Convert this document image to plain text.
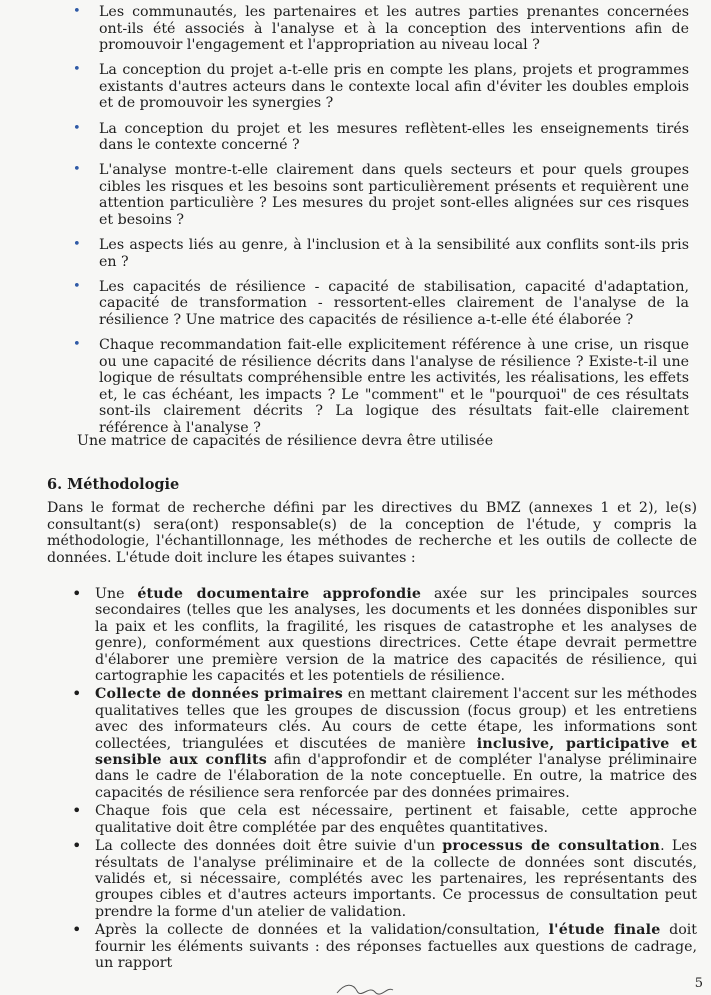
• Les communautés, les partenaires et les autres parties prenantes concernées ont-ils été associés à l'analyse et à la conception des interventions afin de promouvoir l'engagement et l'appropriation au niveau local ?
• La conception du projet a-t-elle pris en compte les plans, projets et programmes existants d'autres acteurs dans le contexte local afin d'éviter les doubles emplois et de promouvoir les synergies ?
• La conception du projet et les mesures reflètent-elles les enseignements tirés dans le contexte concerné ?
• L'analyse montre-t-elle clairement dans quels secteurs et pour quels groupes cibles les risques et les besoins sont particulièrement présents et requièrent une attention particulière ? Les mesures du projet sont-elles alignées sur ces risques et besoins ?
• Les aspects liés au genre, à l'inclusion et à la sensibilité aux conflits sont-ils pris en ?
• Les capacités de résilience - capacité de stabilisation, capacité d'adaptation, capacité de transformation - ressortent-elles clairement de l'analyse de la résilience ? Une matrice des capacités de résilience a-t-elle été élaborée ?
• Chaque recommandation fait-elle explicitement référence à une crise, un risque ou une capacité de résilience décrits dans l'analyse de résilience ? Existe-t-il une logique de résultats compréhensible entre les activités, les réalisations, les effets et, le cas échéant, les impacts ? Le "comment" et le "pourquoi" de ces résultats sont-ils clairement décrits ? La logique des résultats fait-elle clairement référence à l'analyse ?
Une matrice de capacités de résilience devra être utilisée
6. Méthodologie
Dans le format de recherche défini par les directives du BMZ (annexes 1 et 2), le(s) consultant(s) sera(ont) responsable(s) de la conception de l'étude, y compris la méthodologie, l'échantillonnage, les méthodes de recherche et les outils de collecte de données. L'étude doit inclure les étapes suivantes :
• Une étude documentaire approfondie axée sur les principales sources secondaires (telles que les analyses, les documents et les données disponibles sur la paix et les conflits, la fragilité, les risques de catastrophe et les analyses de genre), conformément aux questions directrices. Cette étape devrait permettre d'élaborer une première version de la matrice des capacités de résilience, qui cartographie les capacités et les potentiels de résilience.
• Collecte de données primaires en mettant clairement l'accent sur les méthodes qualitatives telles que les groupes de discussion (focus group) et les entretiens avec des informateurs clés. Au cours de cette étape, les informations sont collectées, triangulées et discutées de manière inclusive, participative et sensible aux conflits afin d'approfondir et de compléter l'analyse préliminaire dans le cadre de l'élaboration de la note conceptuelle. En outre, la matrice des capacités de résilience sera renforcée par des données primaires.
• Chaque fois que cela est nécessaire, pertinent et faisable, cette approche qualitative doit être complétée par des enquêtes quantitatives.
• La collecte des données doit être suivie d'un processus de consultation. Les résultats de l'analyse préliminaire et de la collecte de données sont discutés, validés et, si nécessaire, complétés avec les partenaires, les représentants des groupes cibles et d'autres acteurs importants. Ce processus de consultation peut prendre la forme d'un atelier de validation.
• Après la collecte de données et la validation/consultation, l'étude finale doit fournir les éléments suivants : des réponses factuelles aux questions de cadrage, un rapport
5
